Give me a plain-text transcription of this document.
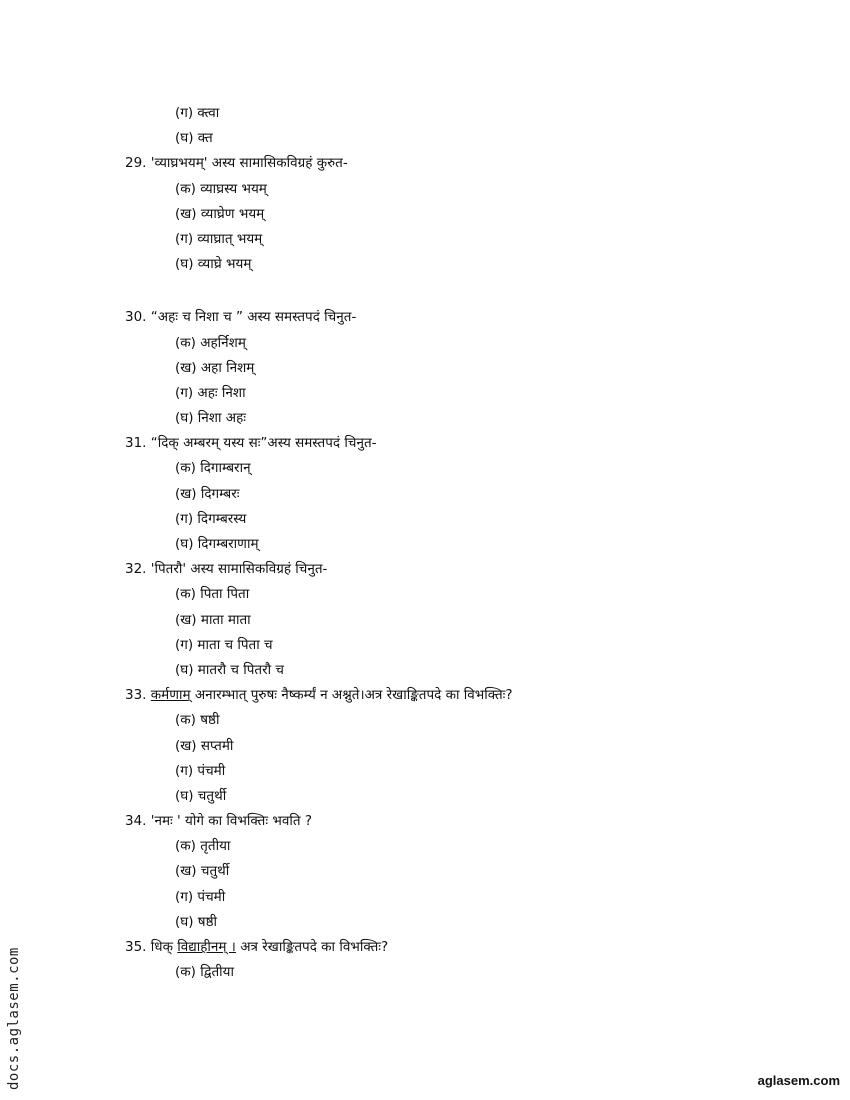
(ग) क्त्वा
(घ) क्त
29. 'व्याघ्रभयम्' अस्य सामासिकविग्रहं कुरुत-
(क) व्याघ्रस्य भयम्
(ख) व्याघ्रेण भयम्
(ग) व्याघ्रात् भयम्
(घ) व्याघ्रे भयम्
30. “अहः च निशा च ” अस्य समस्तपदं चिनुत-
(क) अहर्निशम्
(ख) अहा निशम्
(ग) अहः निशा
(घ) निशा अहः
31. “दिक् अम्बरम् यस्य सः”अस्य समस्तपदं चिनुत-
(क) दिगाम्बरान्
(ख) दिगम्बरः
(ग) दिगम्बरस्य
(घ) दिगम्बराणाम्
32. 'पितरौ' अस्य सामासिकविग्रहं चिनुत-
(क) पिता पिता
(ख) माता माता
(ग) माता च पिता च
(घ) मातरौ च पितरौ च
33. कर्मणाम् अनारम्भात् पुरुषः नैष्कर्म्यं न अश्नुते।अत्र रेखाङ्कितपदे का विभक्तिः?
(क) षष्ठी
(ख) सप्तमी
(ग) पंचमी
(घ) चतुर्थी
34. 'नमः ' योगे का विभक्तिः भवति ?
(क) तृतीया
(ख) चतुर्थी
(ग) पंचमी
(घ) षष्ठी
35. धिक् विद्याहीनम् । अत्र रेखाङ्कितपदे का विभक्तिः?
(क) द्वितीया
docs.aglasem.com	aglasem.com
